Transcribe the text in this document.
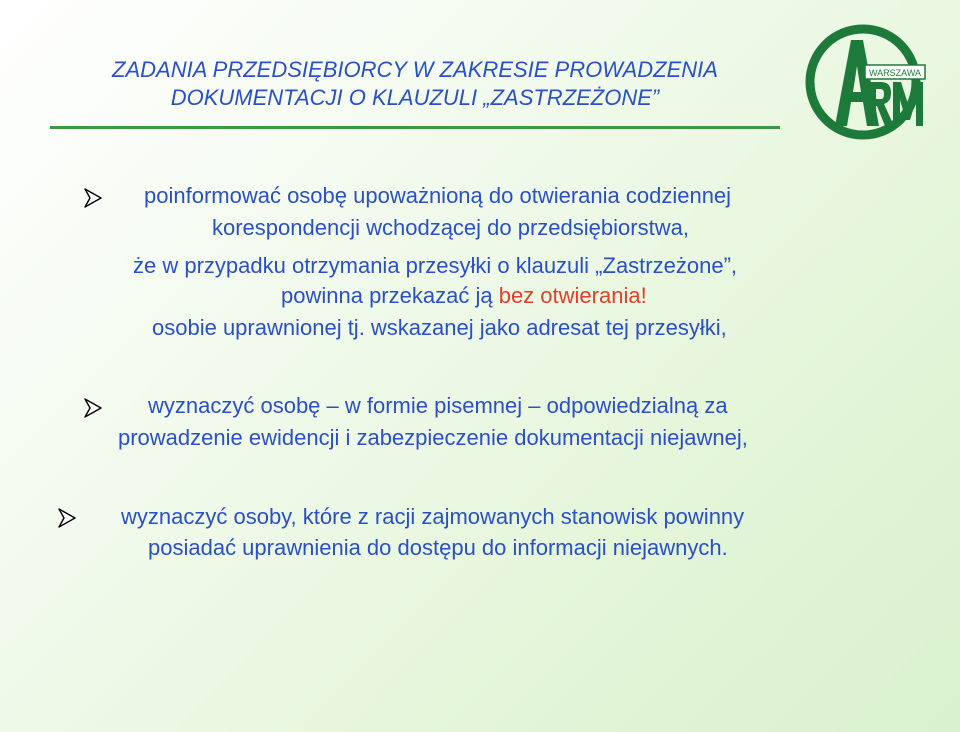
ZADANIA PRZEDSIĘBIORCY W ZAKRESIE PROWADZENIA
DOKUMENTACJI O KLAUZULI „ZASTRZEŻONE”
WARSZAWA
poinformować osobę upoważnioną do otwierania codziennej
korespondencji wchodzącej do przedsiębiorstwa,
że w przypadku otrzymania przesyłki o klauzuli „Zastrzeżone”,
powinna przekazać ją bez otwierania!
osobie uprawnionej tj. wskazanej jako adresat tej przesyłki,
wyznaczyć osobę – w formie pisemnej – odpowiedzialną za
prowadzenie ewidencji i zabezpieczenie dokumentacji niejawnej,
wyznaczyć osoby, które z racji zajmowanych stanowisk powinny
posiadać uprawnienia do dostępu do informacji niejawnych.
